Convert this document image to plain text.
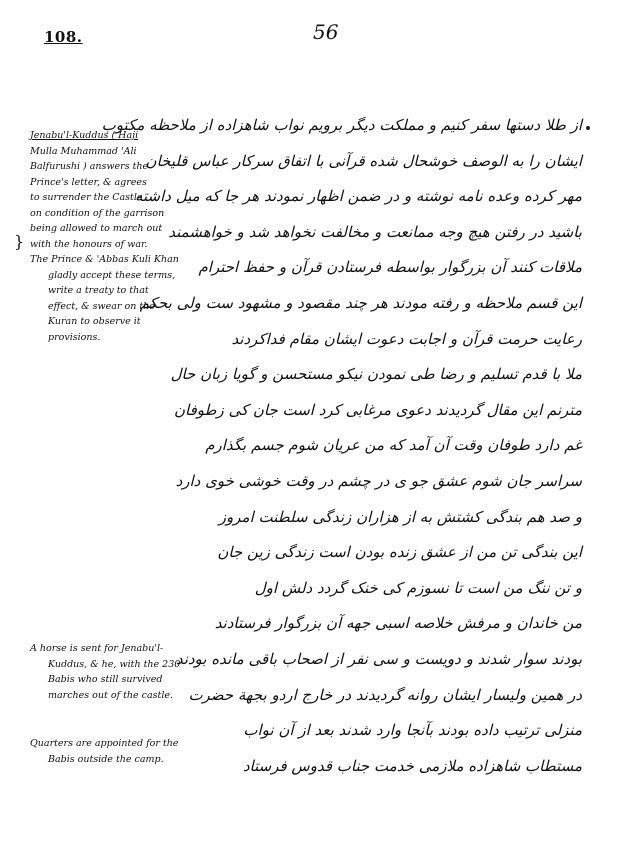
108.	56
Jenabu'l-Kuddus ( Haji
Mulla Muhammad 'Ali
Balfurushi ) answers the
Prince's letter, & agrees
to surrender the Castle
on condition of the garrison
being allowed to march out
with the honours of war.
The Prince & 'Abbas Kuli Khan
gladly accept these terms,
write a treaty to that
effect, & swear on the
Kuran to observe it
provisions.
}
A horse is sent for Jenabu'l-
Kuddus, & he, with the 230
Babis who still survived
marches out of the castle.
Quarters are appointed for the
Babis outside the camp.
از طلا دستها سفر کنیم و مملکت دیگر برویم نواب شاهزاده از ملاحظه مکتوب
ایشان را به الوصف خوشحال شده قرآنی با اتفاق سرکار عباس قلیخان
مهر کرده وعده نامه نوشته و در ضمن اظهار نمودند هر جا که میل داشته
باشید در رفتن هیچ وجه ممانعت و مخالفت نخواهد شد و خواهشمند
ملاقات کنند آن بزرگوار بواسطه فرستادن قرآن و حفظ احترام
این قسم ملاحظه و رفته مودند هر چند مقصود و مشهود ست ولی بحکم
رعایت حرمت قرآن و اجابت دعوت ایشان مقام فداکردند
ملا با قدم تسلیم و رضا طی نمودن نیکو مستحسن و گویا زبان حال
مترنم این مقال گردیدند دعوی مرغابی کرد است جان کی زطوفان
غم دارد طوفان وقت آن آمد که من عریان شوم جسم بگذارم
سراسر جان شوم عشق جو ی در چشم در وقت خوشی خوی دارد
و صد هم بندگی کشتش به از هزاران زندگی سلطنت امروز
این بندگی تن من از عشق زنده بودن است زندگی زین جان
و تن ننگ من است تا نسوزم کی خنک گردد دلش اول
من خاندان و مرفش خلاصه اسبی جهه آن بزرگوار فرستادند
بودند سوار شدند و دویست و سی نفر از اصحاب باقی مانده بودند
در همین ولیسار ایشان روانه گردیدند در خارج اردو بجهة حضرت
منزلی ترتیب داده بودند بآنجا وارد شدند بعد از آن نواب
مستطاب شاهزاده ملازمی خدمت جناب قدوس فرستاد
